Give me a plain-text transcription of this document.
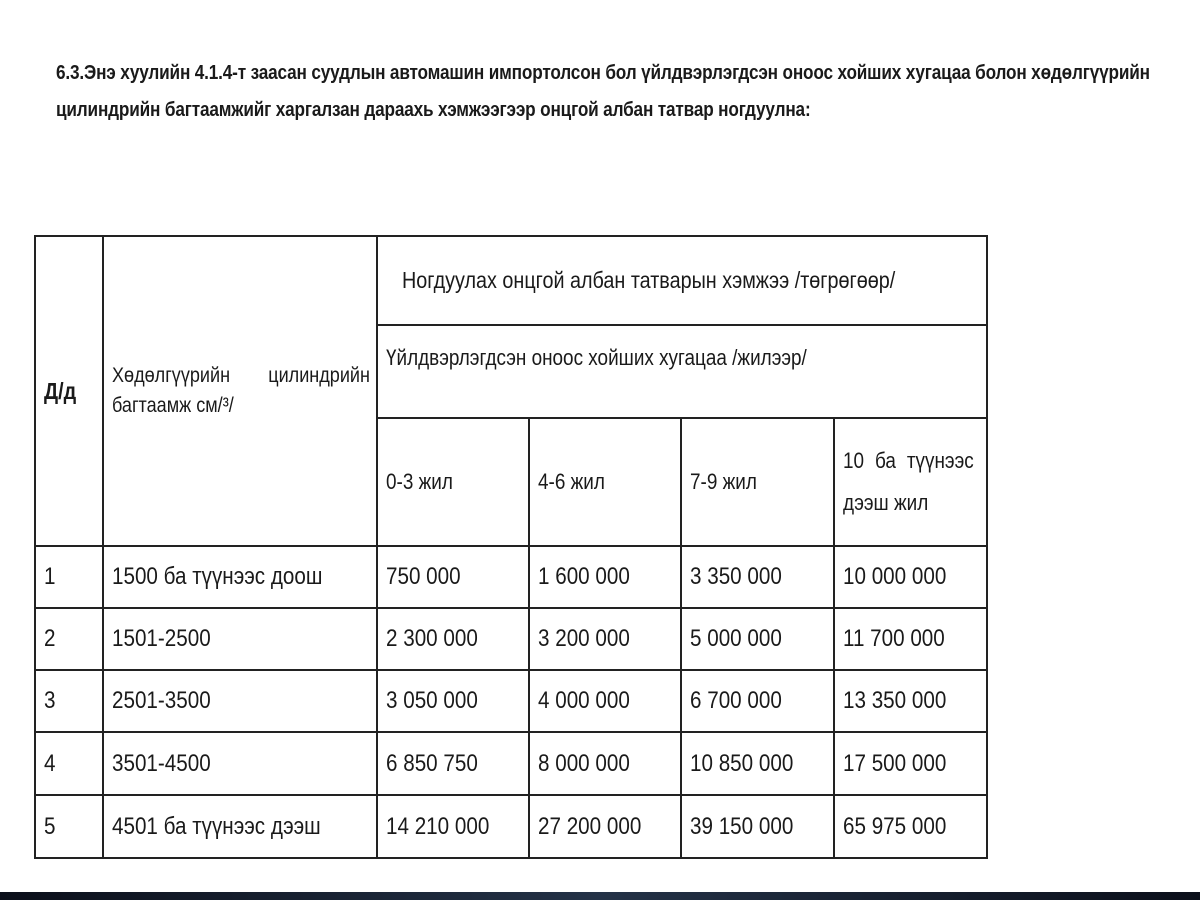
6.3.Энэ хуулийн 4.1.4-т заасан суудлын автомашин импортолсон бол үйлдвэрлэгдсэн оноос хойших хугацаа болон хөдөлгүүрийн
цилиндрийн багтаамжийг харгалзан дараахь хэмжээгээр онцгой албан татвар ногдуулна:
Д/д	Хөдөлгүүрийн цилиндрийн
багтаамж см/³/	Ногдуулах онцгой албан татварын хэмжээ /төгрөгөөр/			
		Үйлдвэрлэгдсэн оноос хойших хугацаа /жилээр/			
		0-3 жил	4-6 жил	7-9 жил	10 ба түүнээс
дээш жил
1	1500 ба түүнээс доош	750 000	1 600 000	3 350 000	10 000 000
2	1501-2500	2 300 000	3 200 000	5 000 000	11 700 000
3	2501-3500	3 050 000	4 000 000	6 700 000	13 350 000
4	3501-4500	6 850 750	8 000 000	10 850 000	17 500 000
5	4501 ба түүнээс дээш	14 210 000	27 200 000	39 150 000	65 975 000
